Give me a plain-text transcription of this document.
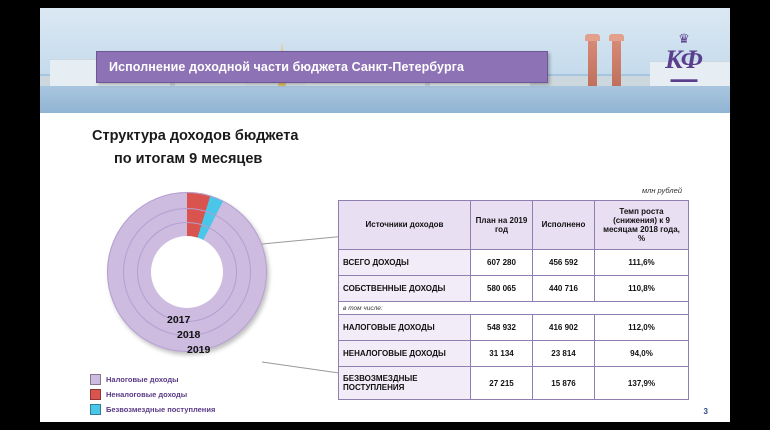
Исполнение доходной части бюджета Санкт-Петербурга
♛
КФ
▬▬▬
Структура доходов бюджета
по итогам 9 месяцев
2017
2018
2019
Налоговые доходы
Неналоговые доходы
Безвозмездные поступления
млн рублей
Источники доходов	План на 2019 год	Исполнено	Темп роста (снижения) к 9 месяцам 2018 года, %
ВСЕГО ДОХОДЫ	607 280	456 592	111,6%
СОБСТВЕННЫЕ ДОХОДЫ	580 065	440 716	110,8%
в том числе:			
НАЛОГОВЫЕ ДОХОДЫ	548 932	416 902	112,0%
НЕНАЛОГОВЫЕ ДОХОДЫ	31 134	23 814	94,0%
БЕЗВОЗМЕЗДНЫЕ ПОСТУПЛЕНИЯ	27 215	15 876	137,9%
3
